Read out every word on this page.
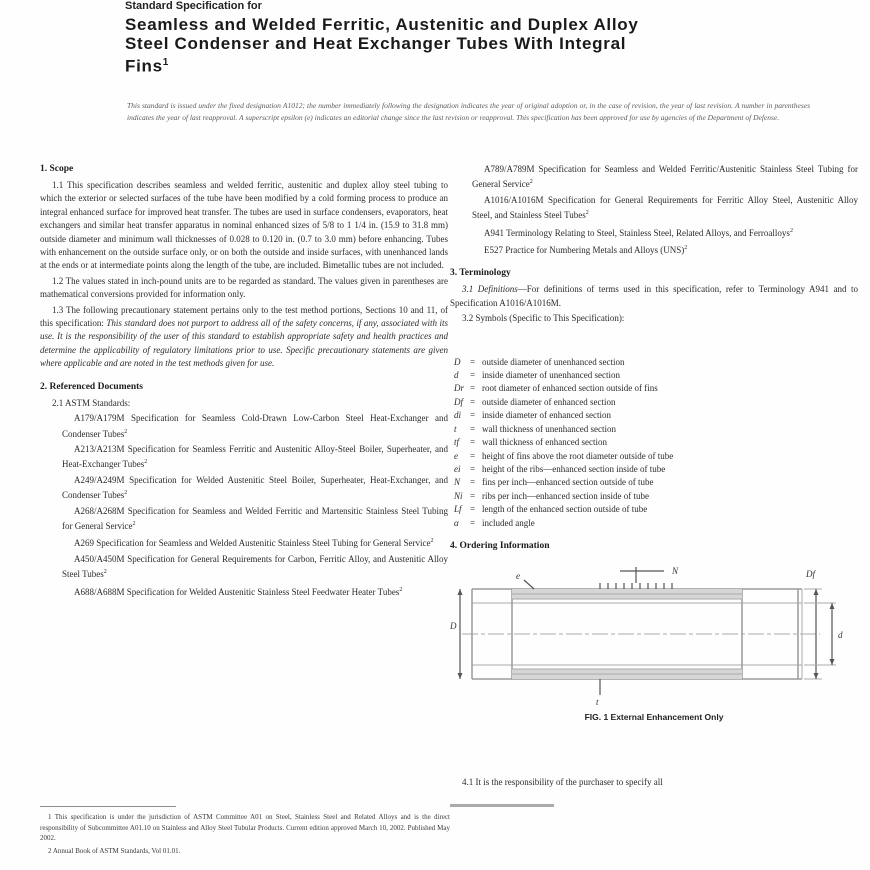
Standard Specification for

Seamless and Welded Ferritic, Austenitic and Duplex Alloy
Steel Condenser and Heat Exchanger Tubes With Integral
Fins$^1$

This standard is issued under the fixed designation A1012; the number immediately following the designation indicates the year of original adoption or, in the case of revision, the year of last revision. A number in parentheses indicates the year of last reapproval. A superscript epsilon (e) indicates an editorial change since the last revision or reapproval. This specification has been approved for use by agencies of the Department of Defense.

1. Scope

1.1 This specification describes seamless and welded ferritic, austenitic and duplex alloy steel tubing to which the exterior or selected surfaces of the tube have been modified by a cold forming process to produce an integral enhanced surface for improved heat transfer. The tubes are used in surface condensers, evaporators, heat exchangers and similar heat transfer apparatus in nominal enhanced sizes of 5/8 to 1 1/4 in. (15.9 to 31.8 mm) outside diameter and minimum wall thicknesses of 0.028 to 0.120 in. (0.7 to 3.0 mm) before enhancing. Tubes with enhancement on the outside surface only, or on both the outside and inside surfaces, with unenhanced lands at the ends or at intermediate points along the length of the tube, are included. Bimetallic tubes are not included.

1.2 The values stated in inch-pound units are to be regarded as standard. The values given in parentheses are mathematical conversions provided for information only.

1.3 The following precautionary statement pertains only to the test method portions, Sections 10 and 11, of this specification: This standard does not purport to address all of the safety concerns, if any, associated with its use. It is the responsibility of the user of this standard to establish appropriate safety and health practices and determine the applicability of regulatory limitations prior to use. Specific precautionary statements are given where applicable and are noted in the test methods given for use.

2. Referenced Documents

2.1 ASTM Standards:

A179/A179M Specification for Seamless Cold-Drawn Low-Carbon Steel Heat-Exchanger and Condenser Tubes$^2$

A213/A213M Specification for Seamless Ferritic and Austenitic Alloy-Steel Boiler, Superheater, and Heat-Exchanger Tubes$^2$

A249/A249M Specification for Welded Austenitic Steel Boiler, Superheater, Heat-Exchanger, and Condenser Tubes$^2$

A268/A268M Specification for Seamless and Welded Ferritic and Martensitic Stainless Steel Tubing for General Service$^2$

A269 Specification for Seamless and Welded Austenitic Stainless Steel Tubing for General Service$^2$

A450/A450M Specification for General Requirements for Carbon, Ferritic Alloy, and Austenitic Alloy Steel Tubes$^2$

A688/A688M Specification for Welded Austenitic Stainless Steel Feedwater Heater Tubes$^2$

A789/A789M Specification for Seamless and Welded Ferritic/Austenitic Stainless Steel Tubing for General Service$^2$

A1016/A1016M Specification for General Requirements for Ferritic Alloy Steel, Austenitic Alloy Steel, and Stainless Steel Tubes$^2$

A941 Terminology Relating to Steel, Stainless Steel, Related Alloys, and Ferroalloys$^2$

E527 Practice for Numbering Metals and Alloys (UNS)$^2$

3. Terminology

3.1 Definitions—For definitions of terms used in this specification, refer to Terminology A941 and to Specification A1016/A1016M.

3.2 Symbols (Specific to This Specification):

D	= outside diameter of unenhanced section
d	= inside diameter of unenhanced section
Dr = root diameter of enhanced section outside of fins
Df = outside diameter of enhanced section
di = inside diameter of enhanced section
t	= wall thickness of unenhanced section
tf	= wall thickness of enhanced section
e	= height of fins above the root diameter outside of tube
ei	= height of the ribs—enhanced section inside of tube
N	= fins per inch—enhanced section outside of tube
Ni = ribs per inch—enhanced section inside of tube
Lf = length of the enhanced section outside of tube
α	= included angle
4. Ordering Information
N
e
D
Df
d
t
FIG. 1 External Enhancement Only

4.1 It is the responsibility of the purchaser to specify all

1 This specification is under the jurisdiction of ASTM Committee A01 on Steel, Stainless Steel and Related Alloys and is the direct responsibility of Subcommittee A01.10 on Stainless and Alloy Steel Tubular Products. Current edition approved March 10, 2002. Published May 2002.

2 Annual Book of ASTM Standards, Vol 01.01.
